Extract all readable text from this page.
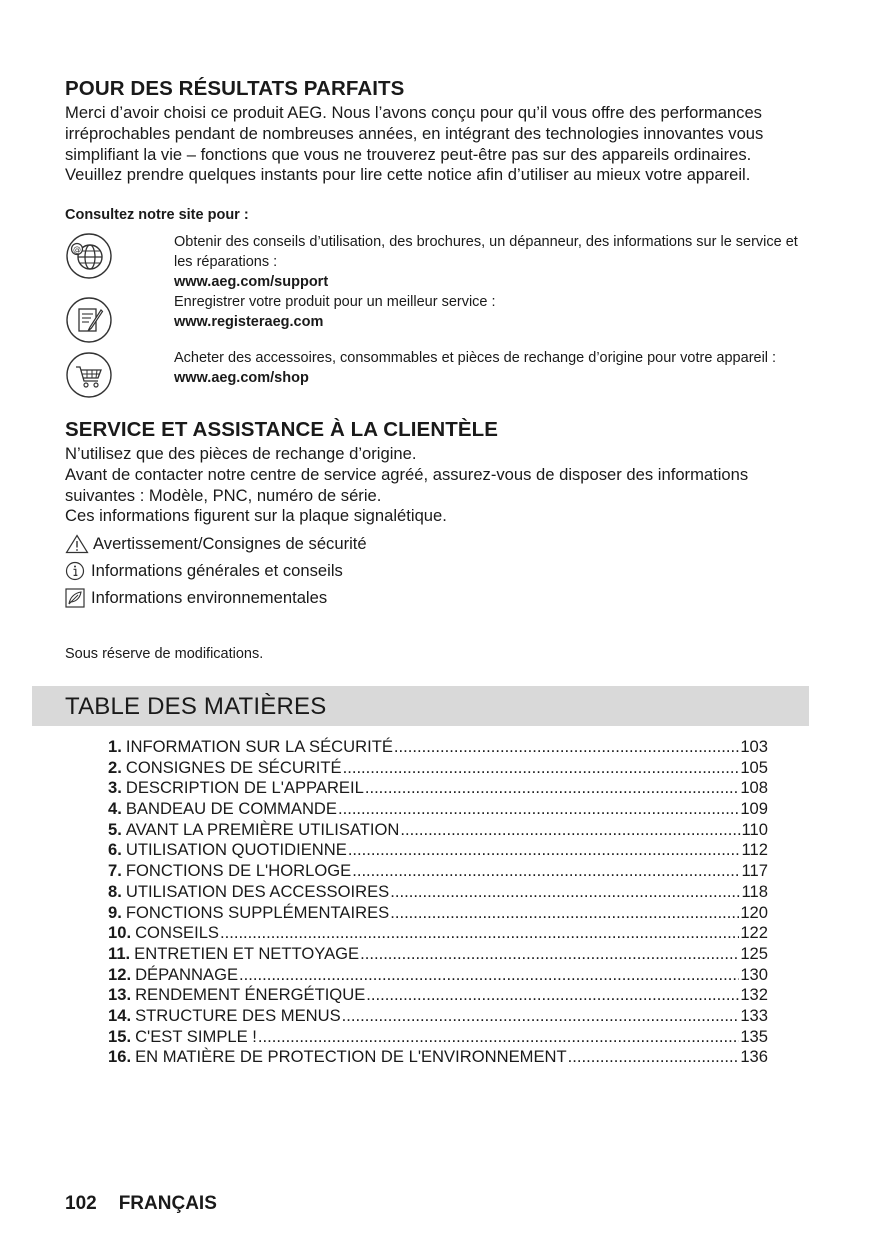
POUR DES RÉSULTATS PARFAITS

Merci d’avoir choisi ce produit AEG. Nous l’avons conçu pour qu’il vous offre des performances irréprochables pendant de nombreuses années, en intégrant des technologies innovantes vous simplifiant la vie – fonctions que vous ne trouverez peut-être pas sur des appareils ordinaires. Veuillez prendre quelques instants pour lire cette notice afin d’utiliser au mieux votre appareil.

Consultez notre site pour :
@	Obtenir des conseils d’utilisation, des brochures, un dépanneur, des informations sur le service et les réparations :
www.aeg.com/support
Enregistrer votre produit pour un meilleur service :
www.registeraeg.com
Acheter des accessoires, consommables et pièces de rechange d’origine pour votre appareil :
www.aeg.com/shop
SERVICE ET ASSISTANCE À LA CLIENTÈLE

N’utilisez que des pièces de rechange d’origine.

Avant de contacter notre centre de service agréé, assurez-vous de disposer des informations suivantes : Modèle, PNC, numéro de série.

Ces informations figurent sur la plaque signalétique.

Avertissement/Consignes de sécurité
Informations générales et conseils
Informations environnementales
Sous réserve de modifications.
TABLE DES MATIÈRES
1. INFORMATION SUR LA SÉCURITÉ .....	103
2. CONSIGNES DE SÉCURITÉ .....	105
3. DESCRIPTION DE L'APPAREIL .....	108
4. BANDEAU DE COMMANDE .....	109
5. AVANT LA PREMIÈRE UTILISATION .....	110
6. UTILISATION QUOTIDIENNE .....	112
7. FONCTIONS DE L'HORLOGE .....	117
8. UTILISATION DES ACCESSOIRES .....	118
9. FONCTIONS SUPPLÉMENTAIRES .....	120
10. CONSEILS .....	122
11. ENTRETIEN ET NETTOYAGE .....	125
12. DÉPANNAGE .....	130
13. RENDEMENT ÉNERGÉTIQUE .....	132
14. STRUCTURE DES MENUS .....	133
15. C'EST SIMPLE ! .....	135
16. EN MATIÈRE DE PROTECTION DE L'ENVIRONNEMENT .....	136
102 FRANÇAIS
